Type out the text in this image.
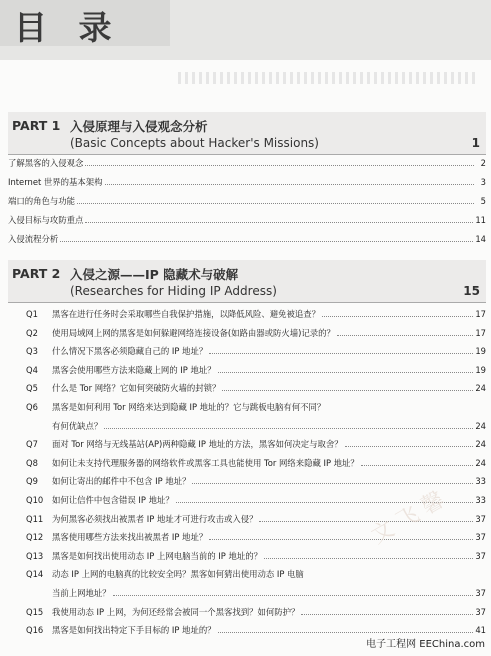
目 录
PART 1 入侵原理与入侵观念分析
(Basic Concepts about Hacker's Missions)	1
了解黑客的入侵观念	2
Internet 世界的基本架构	3
端口的角色与功能	5
入侵目标与攻防重点	11
入侵流程分析	14
PART 2 入侵之源——IP 隐藏术与破解
(Researches for Hiding IP Address)	15
Q1	黑客在进行任务时会采取哪些自我保护措施，以降低风险、避免被追查？	17
Q2	使用局域网上网的黑客是如何躲避网络连接设备(如路由器或防火墙)记录的？	17
Q3	什么情况下黑客必须隐藏自己的 IP 地址？	19
Q4	黑客会使用哪些方法来隐藏上网的 IP 地址？	19
Q5	什么是 Tor 网络？它如何突破防火墙的封锁？	24
Q6	黑客是如何利用 Tor 网络来达到隐藏 IP 地址的？它与跳板电脑有何不同？
有何优缺点？	24
Q7	面对 Tor 网络与无线基站(AP)两种隐藏 IP 地址的方法，黑客如何决定与取舍？	24
Q8	如何让未支持代理服务器的网络软件或黑客工具也能使用 Tor 网络来隐藏 IP 地址？	24
Q9	如何让寄出的邮件中不包含 IP 地址？	33
Q10	如何让信件中包含错误 IP 地址？	33
Q11	为何黑客必须找出被黑者 IP 地址才可进行攻击或入侵？	37
Q12	黑客使用哪些方法来找出被黑者 IP 地址？	37
Q13	黑客是如何找出使用动态 IP 上网电脑当前的 IP 地址的？	37
Q14	动态 IP 上网的电脑真的比较安全吗？黑客如何猜出使用动态 IP 电脑
当前上网地址？	37
Q15	我使用动态 IP 上网，为何还经常会被同一个黑客找到？如何防护？	37
Q16	黑客是如何找出特定下手目标的 IP 地址的？	41
文 飞 馨
电子工程网 EEChina.com
